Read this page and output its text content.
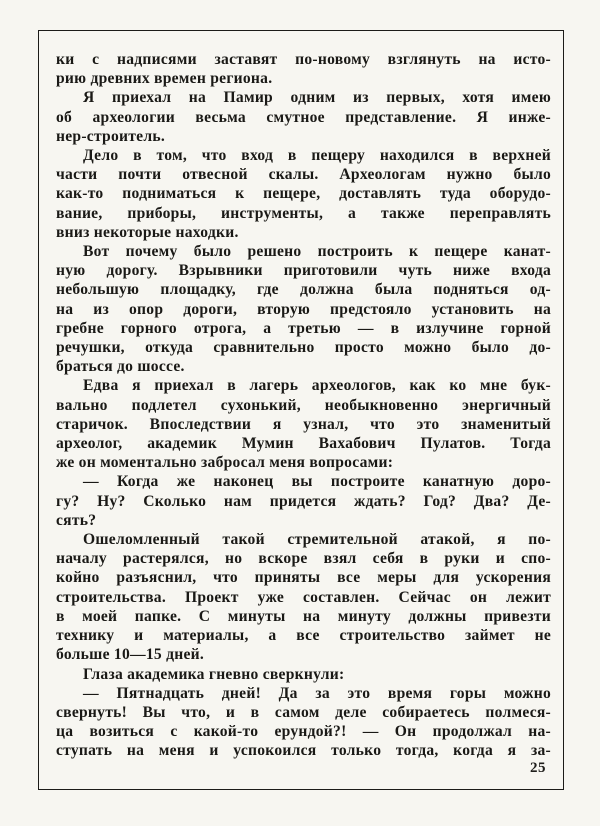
ки с надписями заставят по-новому взглянуть на исто-
рию древних времен региона.
Я приехал на Памир одним из первых, хотя имею
об археологии весьма смутное представление. Я инже-
нер-строитель.
Дело в том, что вход в пещеру находился в верхней
части почти отвесной скалы. Археологам нужно было
как-то подниматься к пещере, доставлять туда оборудо-
вание, приборы, инструменты, а также переправлять
вниз некоторые находки.
Вот почему было решено построить к пещере канат-
ную дорогу. Взрывники приготовили чуть ниже входа
небольшую площадку, где должна была подняться од-
на из опор дороги, вторую предстояло установить на
гребне горного отрога, а третью — в излучине горной
речушки, откуда сравнительно просто можно было до-
браться до шоссе.
Едва я приехал в лагерь археологов, как ко мне бук-
вально подлетел сухонький, необыкновенно энергичный
старичок. Впоследствии я узнал, что это знаменитый
археолог, академик Мумин Вахабович Пулатов. Тогда
же он моментально забросал меня вопросами:
— Когда же наконец вы построите канатную доро-
гу? Ну? Сколько нам придется ждать? Год? Два? Де-
сять?
Ошеломленный такой стремительной атакой, я по-
началу растерялся, но вскоре взял себя в руки и спо-
койно разъяснил, что приняты все меры для ускорения
строительства. Проект уже составлен. Сейчас он лежит
в моей папке. С минуты на минуту должны привезти
технику и материалы, а все строительство займет не
больше 10—15 дней.
Глаза академика гневно сверкнули:
— Пятнадцать дней! Да за это время горы можно
свернуть! Вы что, и в самом деле собираетесь полмеся-
ца возиться с какой-то ерундой?! — Он продолжал на-
ступать на меня и успокоился только тогда, когда я за-
25
